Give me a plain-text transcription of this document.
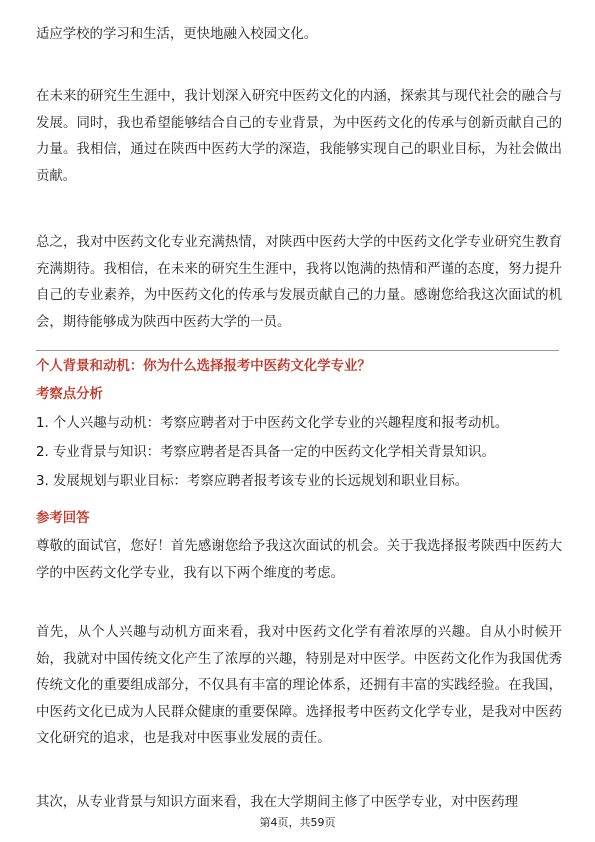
适应学校的学习和生活，更快地融入校园文化。

在未来的研究生生涯中，我计划深入研究中医药文化的内涵，探索其与现代社会的融合与发展。同时，我也希望能够结合自己的专业背景，为中医药文化的传承与创新贡献自己的力量。我相信，通过在陕西中医药大学的深造，我能够实现自己的职业目标，为社会做出贡献。

总之，我对中医药文化专业充满热情，对陕西中医药大学的中医药文化学专业研究生教育充满期待。我相信，在未来的研究生生涯中，我将以饱满的热情和严谨的态度，努力提升自己的专业素养，为中医药文化的传承与发展贡献自己的力量。感谢您给我这次面试的机会，期待能够成为陕西中医药大学的一员。

个人背景和动机：你为什么选择报考中医药文化学专业？
考察点分析

1. 个人兴趣与动机：考察应聘者对于中医药文化学专业的兴趣程度和报考动机。

2. 专业背景与知识：考察应聘者是否具备一定的中医药文化学相关背景知识。

3. 发展规划与职业目标：考察应聘者报考该专业的长远规划和职业目标。

参考回答

尊敬的面试官，您好！首先感谢您给予我这次面试的机会。关于我选择报考陕西中医药大学的中医药文化学专业，我有以下两个维度的考虑。

首先，从个人兴趣与动机方面来看，我对中医药文化学有着浓厚的兴趣。自从小时候开始，我就对中国传统文化产生了浓厚的兴趣，特别是对中医学。中医药文化作为我国优秀传统文化的重要组成部分，不仅具有丰富的理论体系，还拥有丰富的实践经验。在我国，中医药文化已成为人民群众健康的重要保障。选择报考中医药文化学专业，是我对中医药文化研究的追求，也是我对中医事业发展的责任。

其次，从专业背景与知识方面来看，我在大学期间主修了中医学专业，对中医药理

第4页，共59页
